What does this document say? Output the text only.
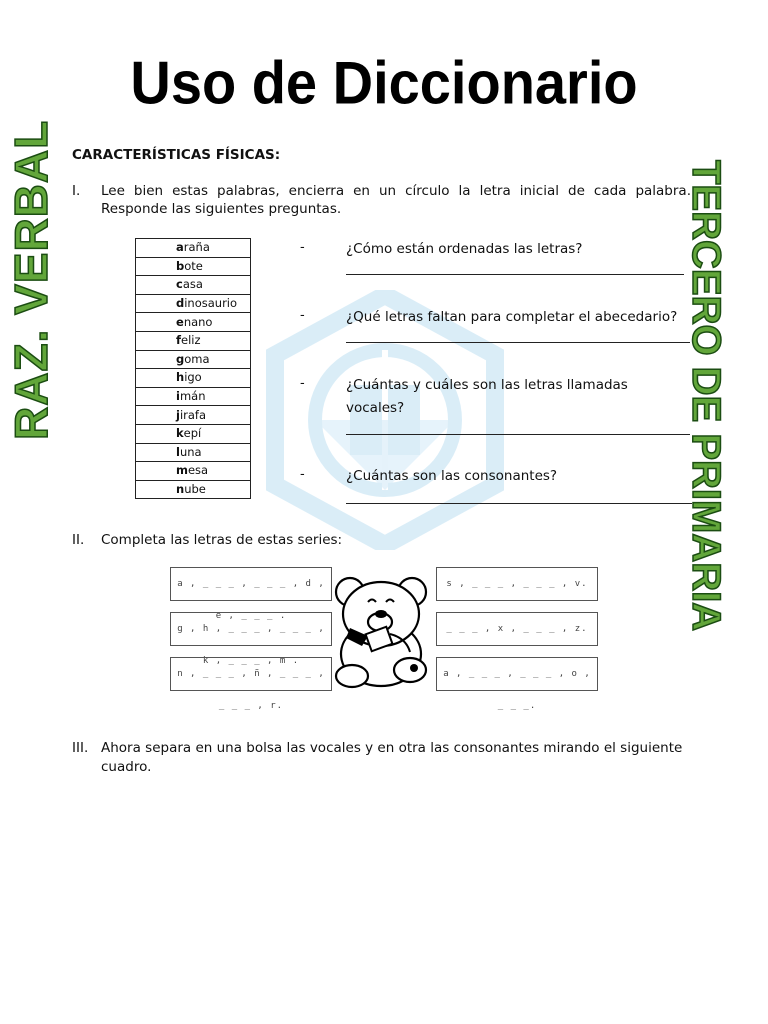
Uso de Diccionario
RAZ. VERBAL	TERCERO DE PRIMARIA
CARACTERÍSTICAS FÍSICAS:
I. Lee bien estas palabras, encierra en un círculo la letra inicial de cada palabra.
Responde las siguientes preguntas.
araña
bote
casa
dinosaurio
enano
feliz
goma
higo
imán
jirafa
kepí
luna
mesa
nube
-	¿Cómo están ordenadas las letras?
-	¿Qué letras faltan para completar el abecedario?
-	¿Cuántas y cuáles son las letras llamadas
vocales?
-	¿Cuántas son las consonantes?
II. Completa las letras de estas series:
a , _ _ _ , _ _ _ , d , e , _ _ _ .
g , h , _ _ _ , _ _ _ , k , _ _ _ , m .
n , _ _ _ , ñ , _ _ _ , _ _ _ , r.
s , _ _ _ , _ _ _ , v.
_ _ _ , x , _ _ _ , z.
a , _ _ _ , _ _ _ , o , _ _ _.
III. Ahora separa en una bolsa las vocales y en otra las consonantes mirando el siguiente
cuadro.
